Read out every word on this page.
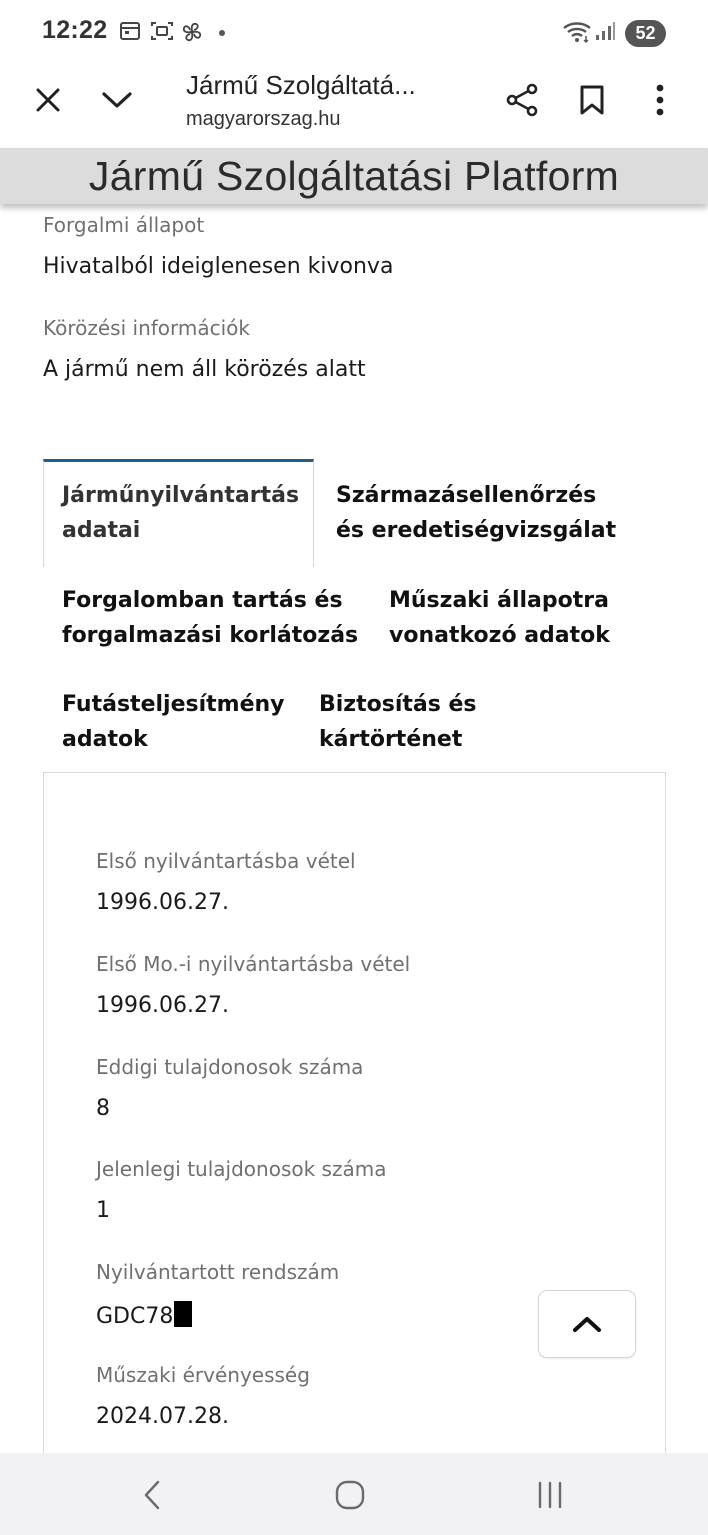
12:22	52
Jármű Szolgáltatá...
magyarorszag.hu
Jármű Szolgáltatási Platform
Forgalmi állapot
Hivatalból ideiglenesen kivonva
Körözési információk
A jármű nem áll körözés alatt
Járműnyilvántartás
adatai
Származásellenőrzés
és eredetiségvizsgálat
Forgalomban tartás és
forgalmazási korlátozás
Műszaki állapotra
vonatkozó adatok
Futásteljesítmény
adatok
Biztosítás és
kártörténet
Első nyilvántartásba vétel
1996.06.27.
Első Mo.-i nyilvántartásba vétel
1996.06.27.
Eddigi tulajdonosok száma
8
Jelenlegi tulajdonosok száma
1
Nyilvántartott rendszám
GDC78
Műszaki érvényesség
2024.07.28.
